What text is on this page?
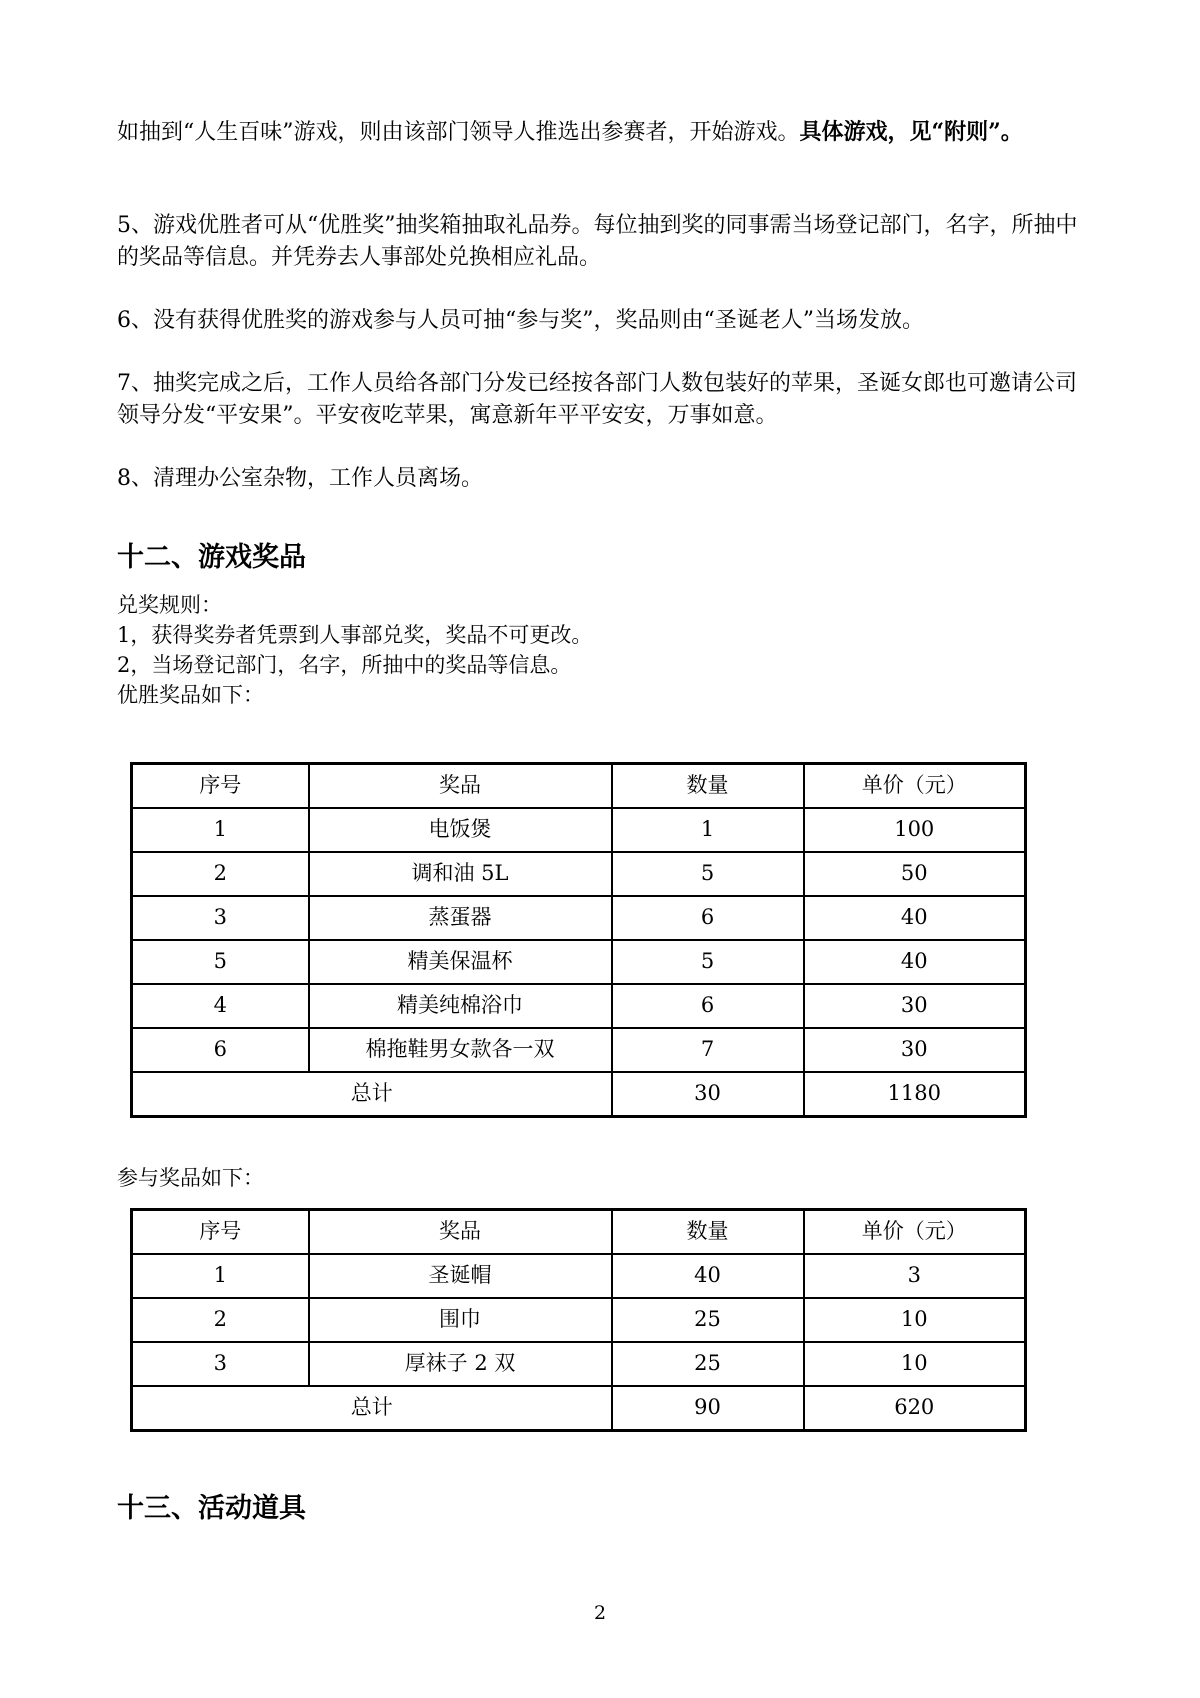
如抽到“人生百味”游戏，则由该部门领导人推选出参赛者，开始游戏。具体游戏，见“附则”。

5、游戏优胜者可从“优胜奖”抽奖箱抽取礼品券。每位抽到奖的同事需当场登记部门，名字，所抽中的奖品等信息。并凭券去人事部处兑换相应礼品。

6、没有获得优胜奖的游戏参与人员可抽“参与奖”，奖品则由“圣诞老人”当场发放。

7、抽奖完成之后，工作人员给各部门分发已经按各部门人数包装好的苹果，圣诞女郎也可邀请公司领导分发“平安果”。平安夜吃苹果，寓意新年平平安安，万事如意。

8、清理办公室杂物，工作人员离场。

十二、游戏奖品

兑奖规则：

1，获得奖券者凭票到人事部兑奖，奖品不可更改。

2，当场登记部门，名字，所抽中的奖品等信息。

优胜奖品如下：

序号	奖品	数量	单价（元）
1	电饭煲	1	100
2	调和油 5L	5	50
3	蒸蛋器	6	40
5	精美保温杯	5	40
4	精美纯棉浴巾	6	30
6	棉拖鞋男女款各一双	7	30
总计		30	1180

参与奖品如下：

序号	奖品	数量	单价（元）
1	圣诞帽	40	3
2	围巾	25	10
3	厚袜子 2 双	25	10
总计		90	620
十三、活动道具

2
